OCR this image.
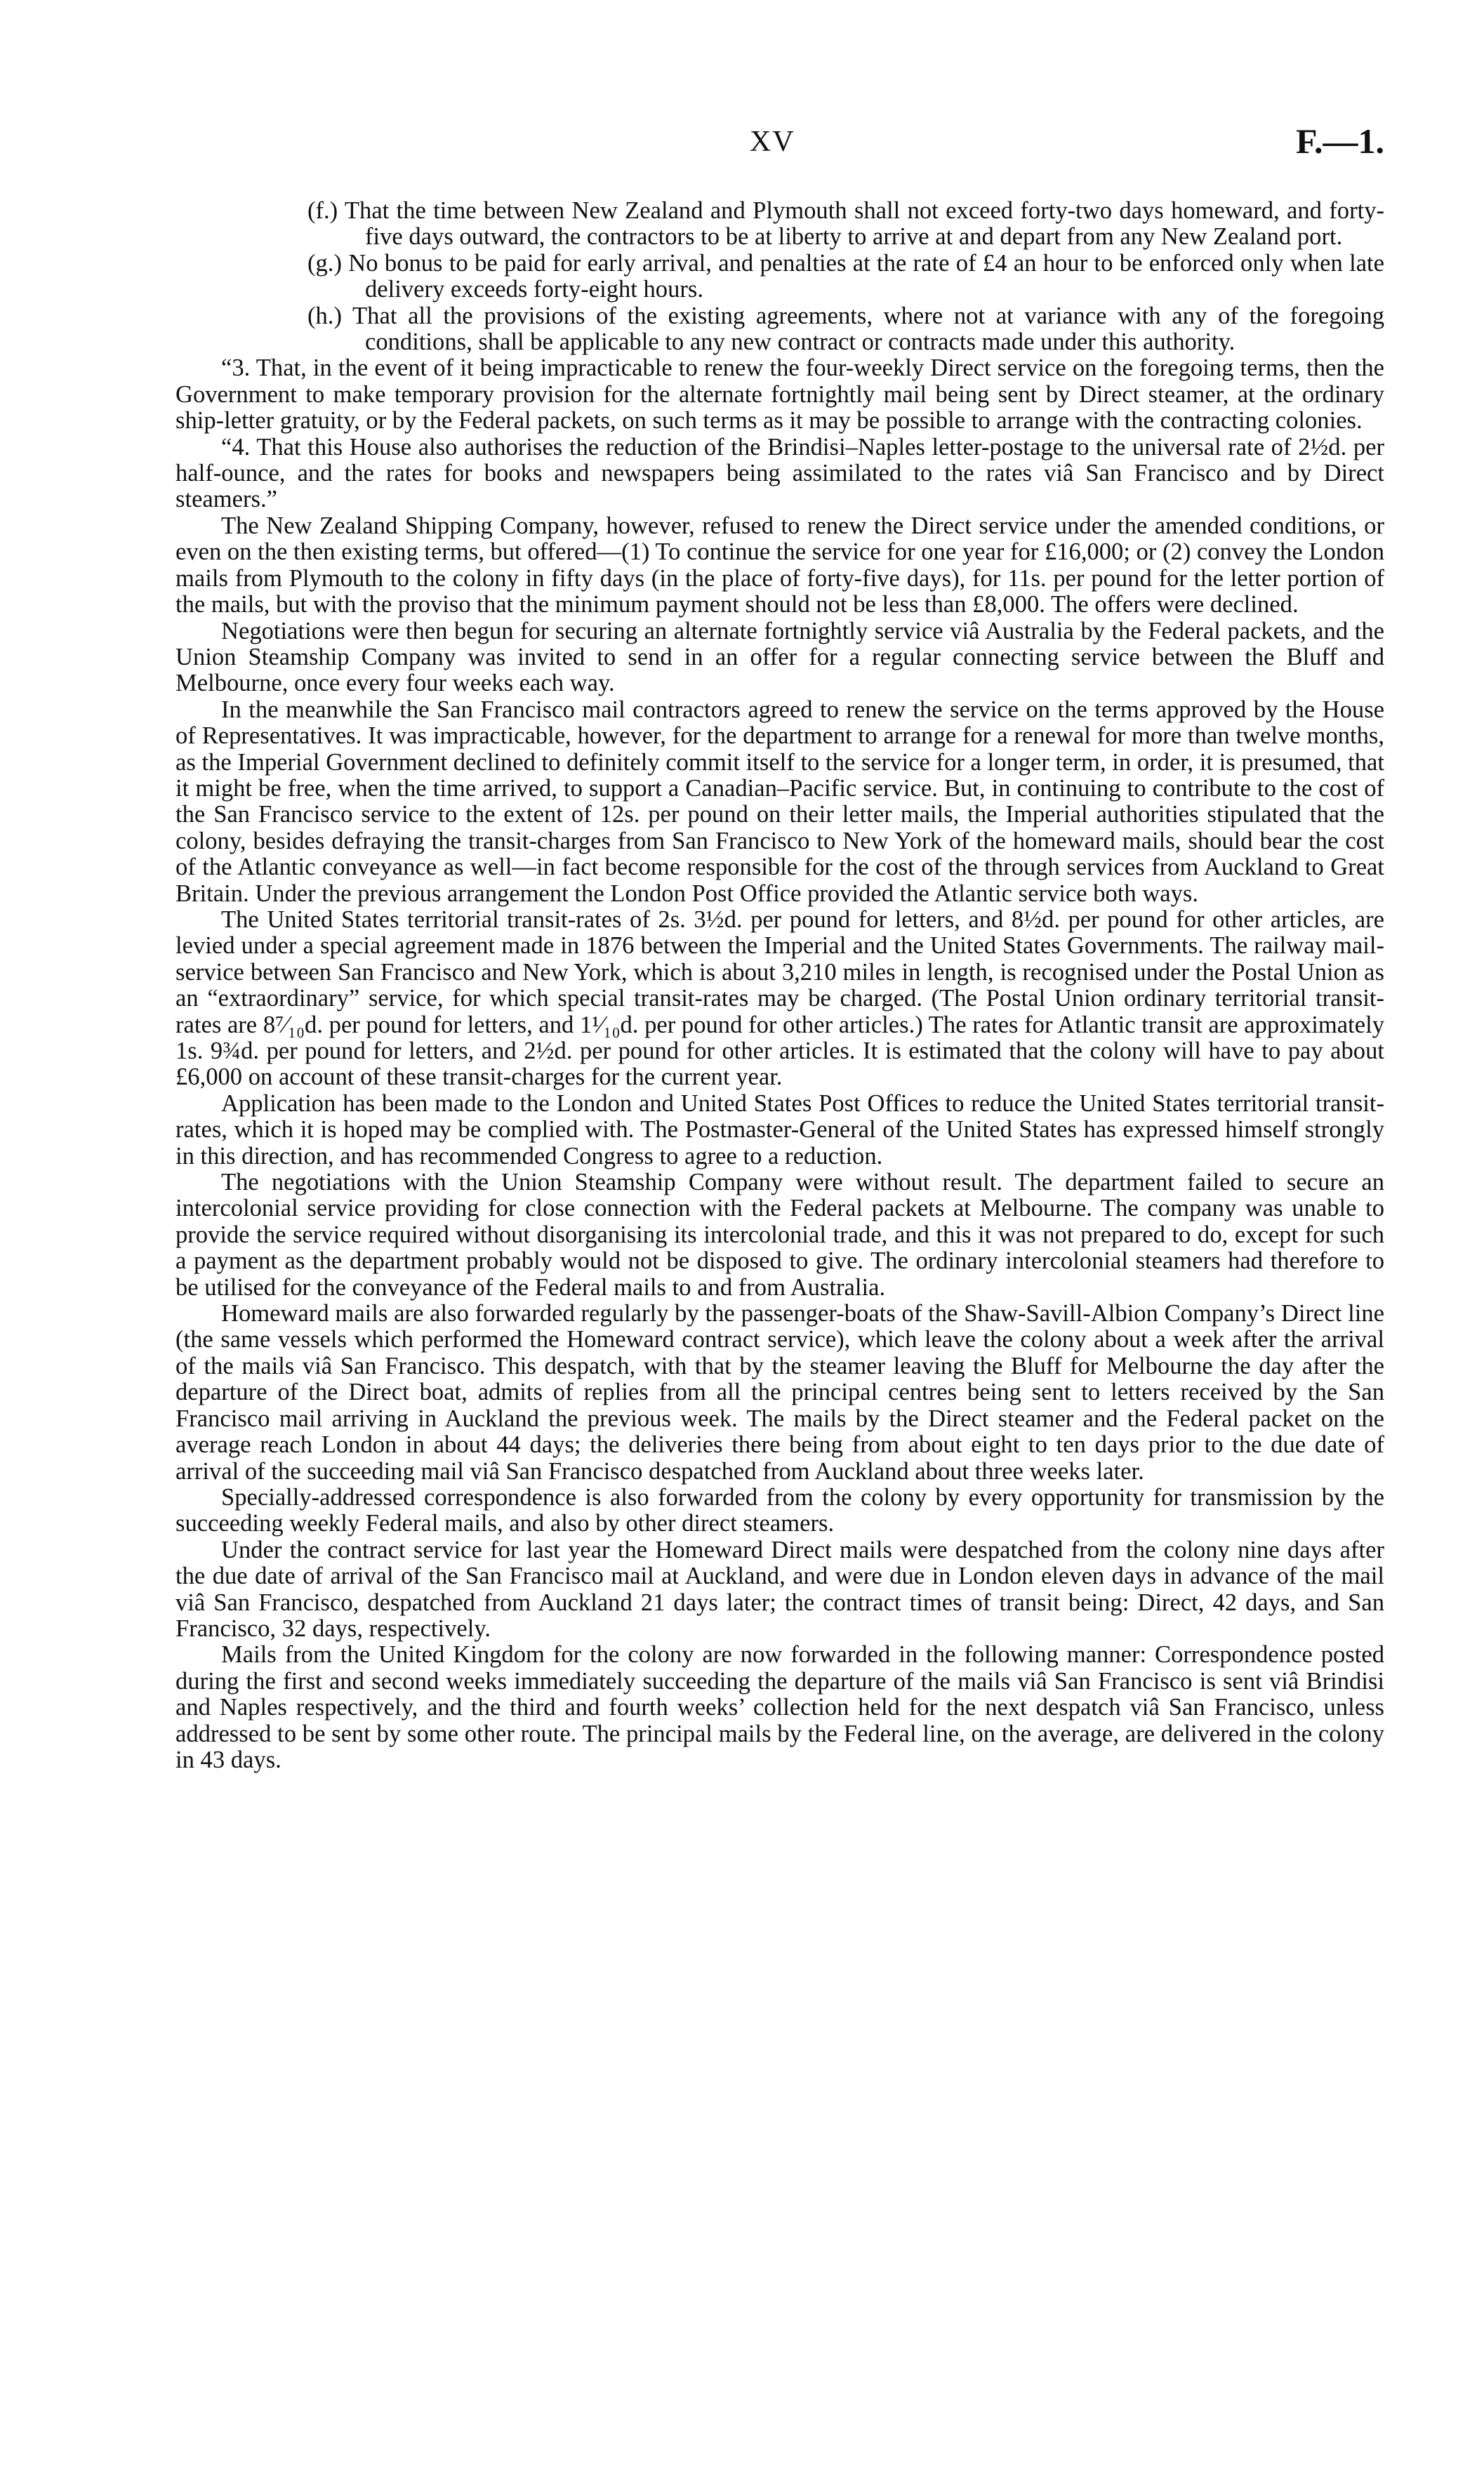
XV	F.—1.

(f.) That the time between New Zealand and Plymouth shall not exceed forty-two days homeward, and forty-five days outward, the contractors to be at liberty to arrive at and depart from any New Zealand port.

(g.) No bonus to be paid for early arrival, and penalties at the rate of £4 an hour to be enforced only when late delivery exceeds forty-eight hours.

(h.) That all the provisions of the existing agreements, where not at variance with any of the foregoing conditions, shall be applicable to any new contract or contracts made under this authority.

“3. That, in the event of it being impracticable to renew the four-weekly Direct service on the foregoing terms, then the Government to make temporary provision for the alternate fortnightly mail being sent by Direct steamer, at the ordinary ship-letter gratuity, or by the Federal packets, on such terms as it may be possible to arrange with the contracting colonies.

“4. That this House also authorises the reduction of the Brindisi–Naples letter-postage to the universal rate of 2½d. per half-ounce, and the rates for books and newspapers being assimilated to the rates viâ San Francisco and by Direct steamers.”

The New Zealand Shipping Company, however, refused to renew the Direct service under the amended conditions, or even on the then existing terms, but offered—(1) To continue the service for one year for £16,000; or (2) convey the London mails from Plymouth to the colony in fifty days (in the place of forty-five days), for 11s. per pound for the letter portion of the mails, but with the proviso that the minimum payment should not be less than £8,000. The offers were declined.

Negotiations were then begun for securing an alternate fortnightly service viâ Australia by the Federal packets, and the Union Steamship Company was invited to send in an offer for a regular connecting service between the Bluff and Melbourne, once every four weeks each way.

In the meanwhile the San Francisco mail contractors agreed to renew the service on the terms approved by the House of Representatives. It was impracticable, however, for the department to arrange for a renewal for more than twelve months, as the Imperial Government declined to definitely commit itself to the service for a longer term, in order, it is presumed, that it might be free, when the time arrived, to support a Canadian–Pacific service. But, in continuing to contribute to the cost of the San Francisco service to the extent of 12s. per pound on their letter mails, the Imperial authorities stipulated that the colony, besides defraying the transit-charges from San Francisco to New York of the homeward mails, should bear the cost of the Atlantic conveyance as well—in fact become responsible for the cost of the through services from Auckland to Great Britain. Under the previous arrangement the London Post Office provided the Atlantic service both ways.

The United States territorial transit-rates of 2s. 3½d. per pound for letters, and 8½d. per pound for other articles, are levied under a special agreement made in 1876 between the Imperial and the United States Governments. The railway mail-service between San Francisco and New York, which is about 3,210 miles in length, is recognised under the Postal Union as an “extraordinary” service, for which special transit-rates may be charged. (The Postal Union ordinary territorial transit-rates are 8⁷⁄₁₀d. per pound for letters, and 1¹⁄₁₀d. per pound for other articles.) The rates for Atlantic transit are approximately 1s. 9¾d. per pound for letters, and 2½d. per pound for other articles. It is estimated that the colony will have to pay about £6,000 on account of these transit-charges for the current year.

Application has been made to the London and United States Post Offices to reduce the United States territorial transit-rates, which it is hoped may be complied with. The Postmaster-General of the United States has expressed himself strongly in this direction, and has recommended Congress to agree to a reduction.

The negotiations with the Union Steamship Company were without result. The department failed to secure an intercolonial service providing for close connection with the Federal packets at Melbourne. The company was unable to provide the service required without disorganising its intercolonial trade, and this it was not prepared to do, except for such a payment as the department probably would not be disposed to give. The ordinary intercolonial steamers had therefore to be utilised for the conveyance of the Federal mails to and from Australia.

Homeward mails are also forwarded regularly by the passenger-boats of the Shaw-Savill-Albion Company’s Direct line (the same vessels which performed the Homeward contract service), which leave the colony about a week after the arrival of the mails viâ San Francisco. This despatch, with that by the steamer leaving the Bluff for Melbourne the day after the departure of the Direct boat, admits of replies from all the principal centres being sent to letters received by the San Francisco mail arriving in Auckland the previous week. The mails by the Direct steamer and the Federal packet on the average reach London in about 44 days; the deliveries there being from about eight to ten days prior to the due date of arrival of the succeeding mail viâ San Francisco despatched from Auckland about three weeks later.

Specially-addressed correspondence is also forwarded from the colony by every opportunity for transmission by the succeeding weekly Federal mails, and also by other direct steamers.

Under the contract service for last year the Homeward Direct mails were despatched from the colony nine days after the due date of arrival of the San Francisco mail at Auckland, and were due in London eleven days in advance of the mail viâ San Francisco, despatched from Auckland 21 days later; the contract times of transit being: Direct, 42 days, and San Francisco, 32 days, respectively.

Mails from the United Kingdom for the colony are now forwarded in the following manner: Correspondence posted during the first and second weeks immediately succeeding the departure of the mails viâ San Francisco is sent viâ Brindisi and Naples respectively, and the third and fourth weeks’ collection held for the next despatch viâ San Francisco, unless addressed to be sent by some other route. The principal mails by the Federal line, on the average, are delivered in the colony in 43 days.
